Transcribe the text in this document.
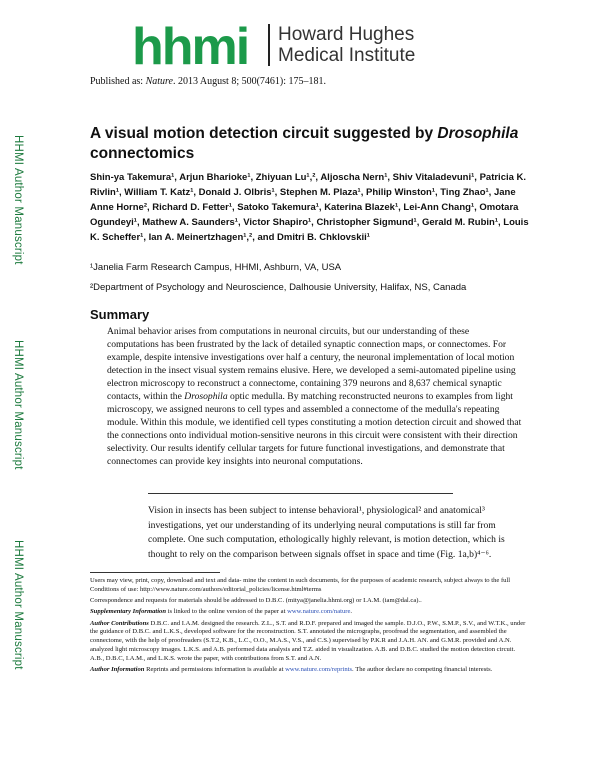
hhmi Howard Hughes
Medical Institute
Published as: Nature. 2013 August 8; 500(7461): 175–181.
HHMI Author Manuscript
HHMI Author Manuscript
HHMI Author Manuscript
A visual motion detection circuit suggested by Drosophila connectomics
Shin-ya Takemura¹, Arjun Bharioke¹, Zhiyuan Lu¹,², Aljoscha Nern¹, Shiv Vitaladevuni¹, Patricia K. Rivlin¹, William T. Katz¹, Donald J. Olbris¹, Stephen M. Plaza¹, Philip Winston¹, Ting Zhao¹, Jane Anne Horne², Richard D. Fetter¹, Satoko Takemura¹, Katerina Blazek¹, Lei-Ann Chang¹, Omotara Ogundeyi¹, Mathew A. Saunders¹, Victor Shapiro¹, Christopher Sigmund¹, Gerald M. Rubin¹, Louis K. Scheffer¹, Ian A. Meinertzhagen¹,², and Dmitri B. Chklovskii¹
¹Janelia Farm Research Campus, HHMI, Ashburn, VA, USA
²Department of Psychology and Neuroscience, Dalhousie University, Halifax, NS, Canada
Summary
Animal behavior arises from computations in neuronal circuits, but our understanding of these computations has been frustrated by the lack of detailed synaptic connection maps, or connectomes. For example, despite intensive investigations over half a century, the neuronal implementation of local motion detection in the insect visual system remains elusive. Here, we developed a semi-automated pipeline using electron microscopy to reconstruct a connectome, containing 379 neurons and 8,637 chemical synaptic contacts, within the Drosophila optic medulla. By matching reconstructed neurons to examples from light microscopy, we assigned neurons to cell types and assembled a connectome of the medulla's repeating module. Within this module, we identified cell types constituting a motion detection circuit and showed that the connections onto individual motion-sensitive neurons in this circuit were consistent with their direction selectivity. Our results identify cellular targets for future functional investigations, and demonstrate that connectomes can provide key insights into neuronal computations.
Vision in insects has been subject to intense behavioral¹, physiological² and anatomical³ investigations, yet our understanding of its underlying neural computations is still far from complete. One such computation, ethologically highly relevant, is motion detection, which is thought to rely on the comparison between signals offset in space and time (Fig. 1a,b)⁴⁻⁶.

Users may view, print, copy, download and text and data- mine the content in such documents, for the purposes of academic research, subject always to the full Conditions of use: http://www.nature.com/authors/editorial_policies/license.html#terms

Correspondence and requests for materials should be addressed to D.B.C. (mitya@janelia.hhmi.org) or I.A.M. (iam@dal.ca)..

Supplementary Information is linked to the online version of the paper at www.nature.com/nature.

Author Contributions D.B.C. and I.A.M. designed the research. Z.L., S.T. and R.D.F. prepared and imaged the sample. D.J.O., P.W., S.M.P., S.V., and W.T.K., under the guidance of D.B.C. and L.K.S., developed software for the reconstruction. S.T. annotated the micrographs, proofread the segmentation, and assembled the connectome, with the help of proofreaders (S.T.2, K.B., L.C., O.O., M.A.S., V.S., and C.S.) supervised by P.K.R and J.A.H. AN. and G.M.R. provided and A.N. analyzed light microscopy images. L.K.S. and A.B. performed data analysis and T.Z. aided in visualization. A.B. and D.B.C. studied the motion detection circuit. A.B., D.B.C, I.A.M., and L.K.S. wrote the paper, with contributions from S.T. and A.N.

Author Information Reprints and permissions information is available at www.nature.com/reprints. The author declare no competing financial interests.
